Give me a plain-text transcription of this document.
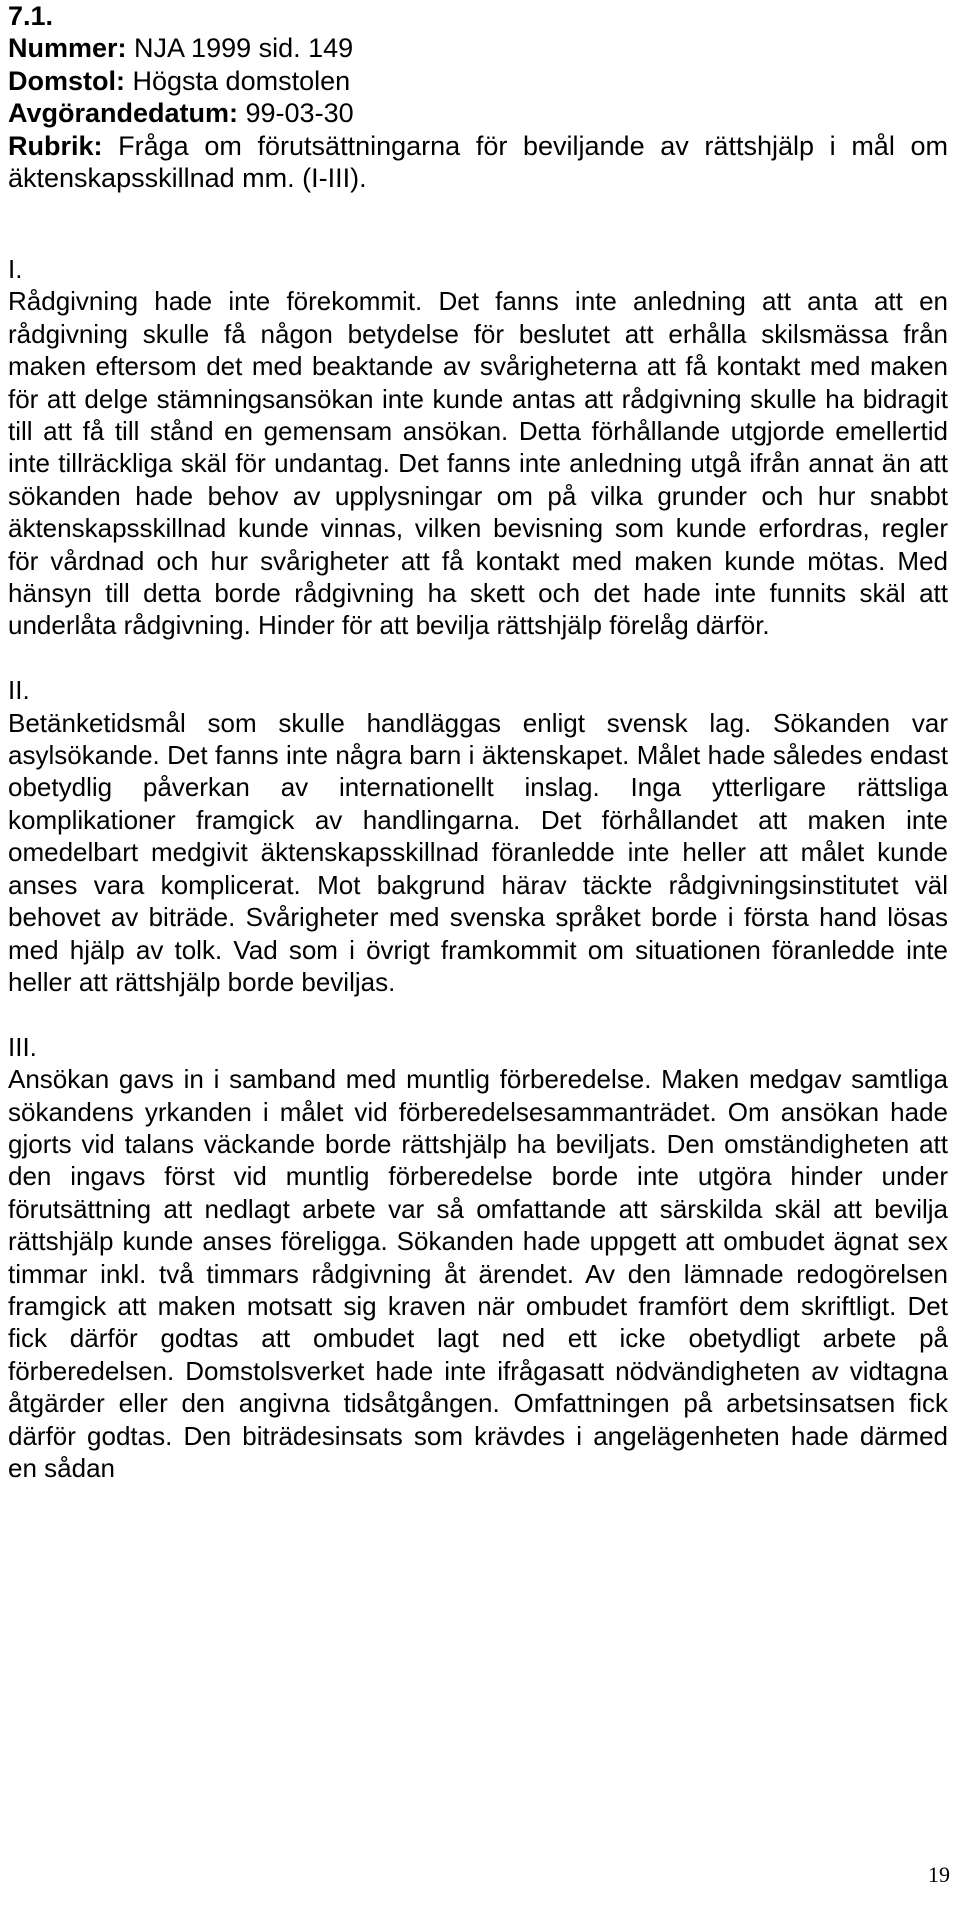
7.1.
Nummer: NJA 1999 sid. 149
Domstol: Högsta domstolen
Avgörandedatum: 99-03-30
Rubrik: Fråga om förutsättningarna för beviljande av rättshjälp i mål om äktenskapsskillnad mm. (I-III).
I.
Rådgivning hade inte förekommit. Det fanns inte anledning att anta att en rådgivning skulle få någon betydelse för beslutet att erhålla skilsmässa från maken eftersom det med beaktande av svårigheterna att få kontakt med maken för att delge stämningsansökan inte kunde antas att rådgivning skulle ha bidragit till att få till stånd en gemensam ansökan. Detta förhållande utgjorde emellertid inte tillräckliga skäl för undantag. Det fanns inte anledning utgå ifrån annat än att sökanden hade behov av upplysningar om på vilka grunder och hur snabbt äktenskapsskillnad kunde vinnas, vilken bevisning som kunde erfordras, regler för vårdnad och hur svårigheter att få kontakt med maken kunde mötas. Med hänsyn till detta borde rådgivning ha skett och det hade inte funnits skäl att underlåta rådgivning. Hinder för att bevilja rättshjälp förelåg därför.
II.
Betänketidsmål som skulle handläggas enligt svensk lag. Sökanden var asylsökande. Det fanns inte några barn i äktenskapet. Målet hade således endast obetydlig påverkan av internationellt inslag. Inga ytterligare rättsliga komplikationer framgick av handlingarna. Det förhållandet att maken inte omedelbart medgivit äktenskapsskillnad föranledde inte heller att målet kunde anses vara komplicerat. Mot bakgrund härav täckte rådgivningsinstitutet väl behovet av biträde. Svårigheter med svenska språket borde i första hand lösas med hjälp av tolk. Vad som i övrigt framkommit om situationen föranledde inte heller att rättshjälp borde beviljas.
III.
Ansökan gavs in i samband med muntlig förberedelse. Maken medgav samtliga sökandens yrkanden i målet vid förberedelsesammanträdet. Om ansökan hade gjorts vid talans väckande borde rättshjälp ha beviljats. Den omständigheten att den ingavs först vid muntlig förberedelse borde inte utgöra hinder under förutsättning att nedlagt arbete var så omfattande att särskilda skäl att bevilja rättshjälp kunde anses föreligga. Sökanden hade uppgett att ombudet ägnat sex timmar inkl. två timmars rådgivning åt ärendet. Av den lämnade redogörelsen framgick att maken motsatt sig kraven när ombudet framfört dem skriftligt. Det fick därför godtas att ombudet lagt ned ett icke obetydligt arbete på förberedelsen. Domstolsverket hade inte ifrågasatt nödvändigheten av vidtagna åtgärder eller den angivna tidsåtgången. Omfattningen på arbetsinsatsen fick därför godtas. Den biträdesinsats som krävdes i angelägenheten hade därmed en sådan
19
